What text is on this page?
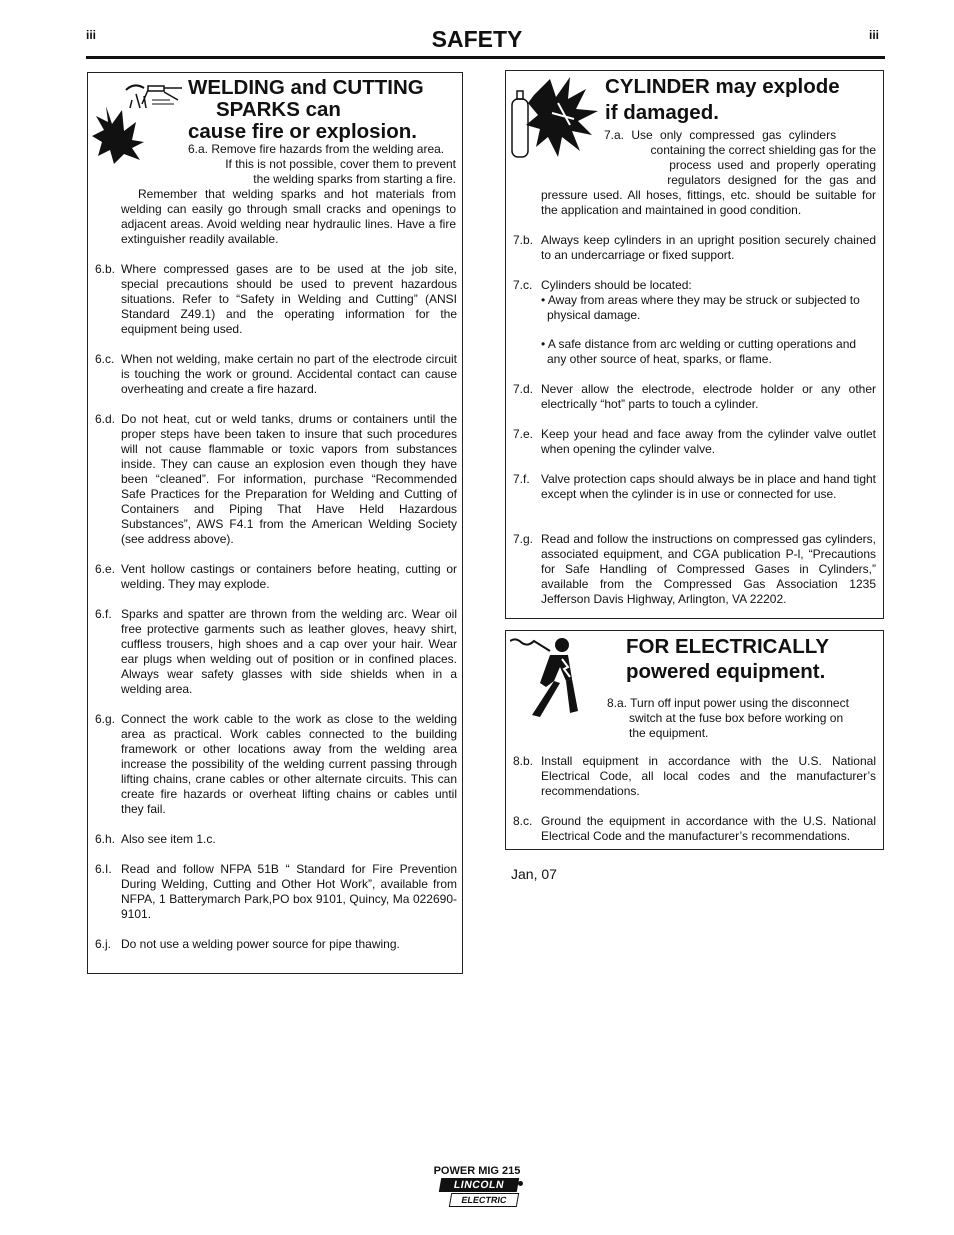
iii	iii
SAFETY
WELDING and CUTTING
SPARKS can
cause fire or explosion.
6.a. Remove fire hazards from the welding area.
If this is not possible, cover them to prevent
the welding sparks from starting a fire.
Remember that welding sparks and hot materials from welding can easily go through small cracks and openings to adjacent areas. Avoid welding near hydraulic lines. Have a fire extinguisher readily available.
6.b. Where compressed gases are to be used at the job site, special precautions should be used to prevent hazardous situations. Refer to “Safety in Welding and Cutting” (ANSI Standard Z49.1) and the operating information for the equipment being used.
6.c. When not welding, make certain no part of the electrode circuit is touching the work or ground. Accidental contact can cause overheating and create a fire hazard.
6.d. Do not heat, cut or weld tanks, drums or containers until the proper steps have been taken to insure that such procedures will not cause flammable or toxic vapors from substances inside. They can cause an explosion even though they have been “cleaned”. For information, purchase “Recommended Safe Practices for the Preparation for Welding and Cutting of Containers and Piping That Have Held Hazardous Substances”, AWS F4.1 from the American Welding Society (see address above).
6.e. Vent hollow castings or containers before heating, cutting or welding. They may explode.
6.f. Sparks and spatter are thrown from the welding arc. Wear oil free protective garments such as leather gloves, heavy shirt, cuffless trousers, high shoes and a cap over your hair. Wear ear plugs when welding out of position or in confined places. Always wear safety glasses with side shields when in a welding area.
6.g. Connect the work cable to the work as close to the welding area as practical. Work cables connected to the building framework or other locations away from the welding area increase the possibility of the welding current passing through lifting chains, crane cables or other alternate circuits. This can create fire hazards or overheat lifting chains or cables until they fail.
6.h. Also see item 1.c.
6.I. Read and follow NFPA 51B “ Standard for Fire Prevention During Welding, Cutting and Other Hot Work”, available from NFPA, 1 Batterymarch Park,PO box 9101, Quincy, Ma 022690-9101.
6.j. Do not use a welding power source for pipe thawing.
CYLINDER may explode
if damaged.
7.a. Use only compressed gas cylinders
containing the correct shielding gas for the
process used and properly operating
regulators designed for the gas and
pressure used. All hoses, fittings, etc. should be suitable for the application and maintained in good condition.
7.b. Always keep cylinders in an upright position securely chained to an undercarriage or fixed support.
7.c. Cylinders should be located:
• Away from areas where they may be struck or subjected to physical damage.
• A safe distance from arc welding or cutting operations and any other source of heat, sparks, or flame.
7.d. Never allow the electrode, electrode holder or any other electrically “hot” parts to touch a cylinder.
7.e. Keep your head and face away from the cylinder valve outlet when opening the cylinder valve.
7.f. Valve protection caps should always be in place and hand tight except when the cylinder is in use or connected for use.
7.g. Read and follow the instructions on compressed gas cylinders, associated equipment, and CGA publication P-l, “Precautions for Safe Handling of Compressed Gases in Cylinders,” available from the Compressed Gas Association 1235 Jefferson Davis Highway, Arlington, VA 22202.
FOR ELECTRICALLY
powered equipment.
8.a. Turn off input power using the disconnect
switch at the fuse box before working on
the equipment.
8.b. Install equipment in accordance with the U.S. National Electrical Code, all local codes and the manufacturer’s recommendations.
8.c. Ground the equipment in accordance with the U.S. National Electrical Code and the manufacturer’s recommendations.
Jan, 07
POWER MIG 215
LINCOLN
ELECTRIC
